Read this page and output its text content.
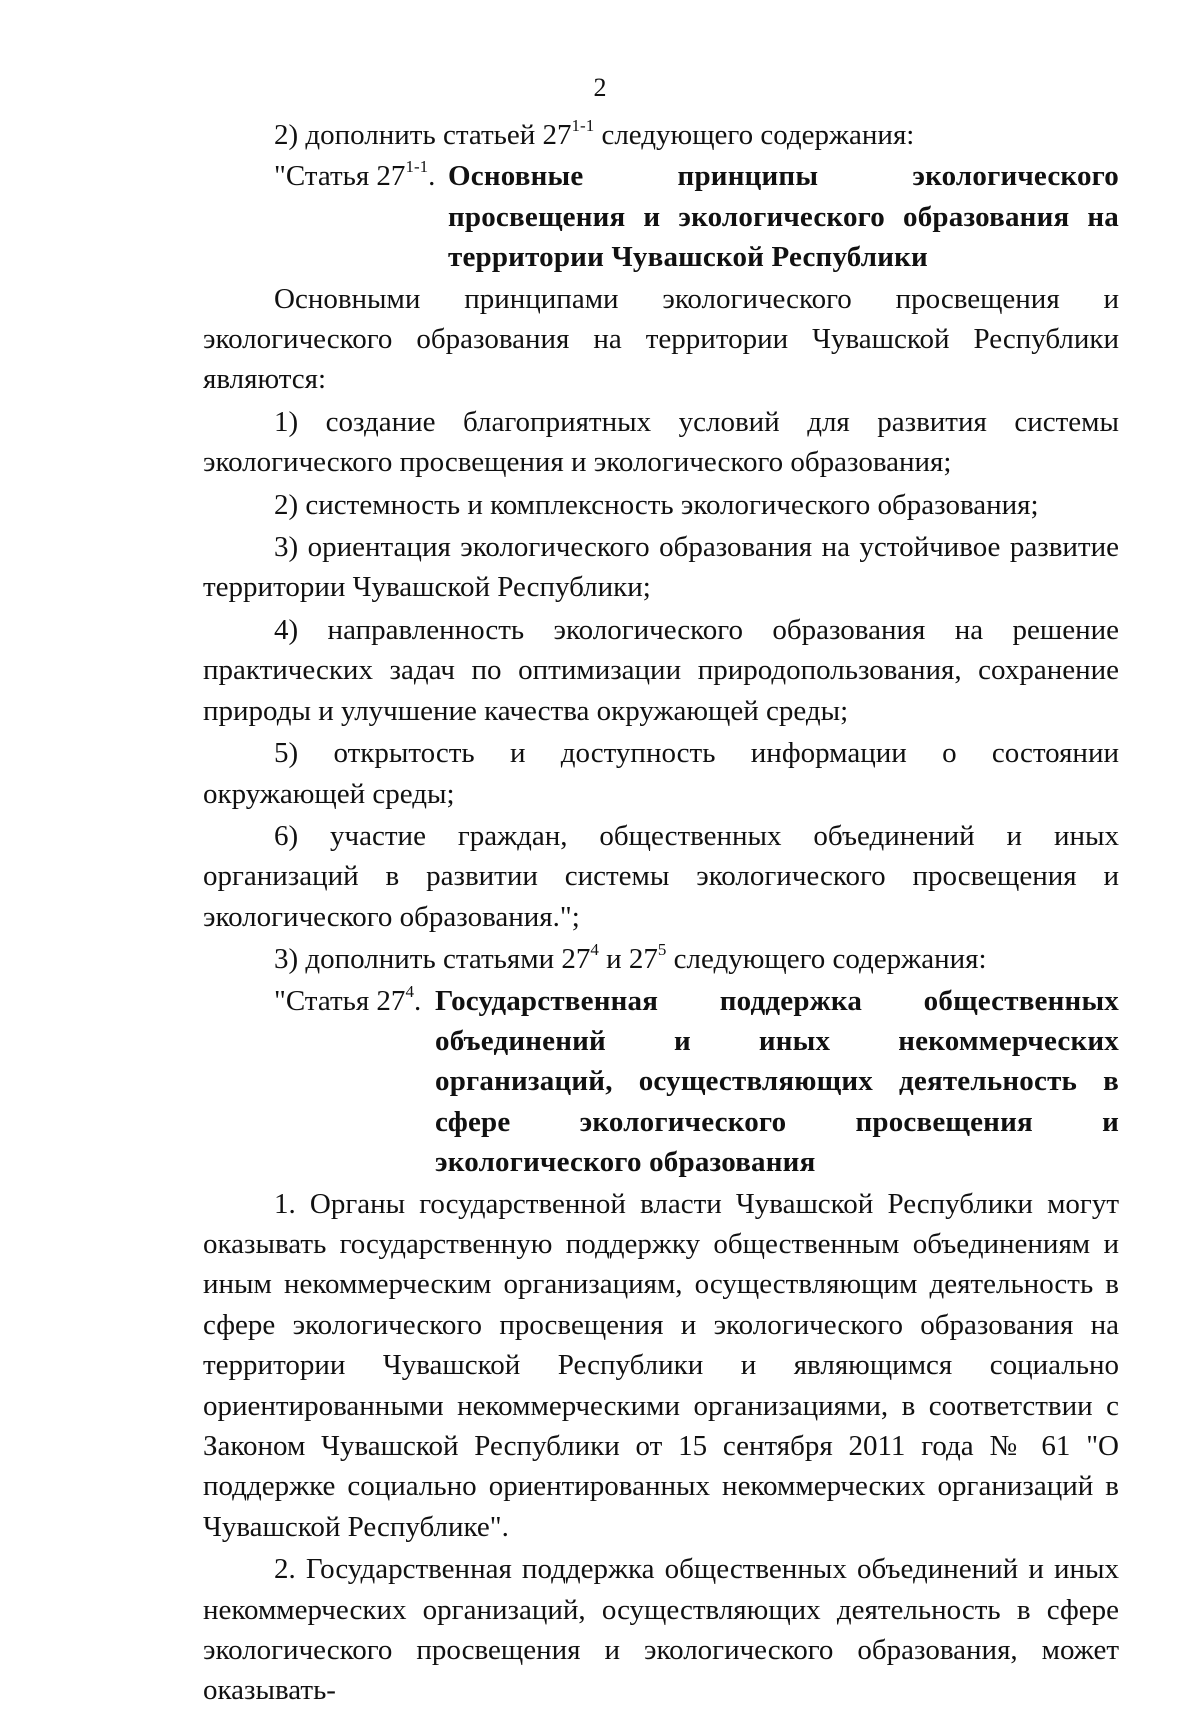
2

2) дополнить статьей 27$^{1-1}$ следующего содержания:

"Статья 27$^{1-1}$. Основные принципы экологического просвещения и экологического образования на территории Чувашской Республики

Основными принципами экологического просвещения и экологического образования на территории Чувашской Республики являются:

1) создание благоприятных условий для развития системы экологического просвещения и экологического образования;

2) системность и комплексность экологического образования;

3) ориентация экологического образования на устойчивое развитие территории Чувашской Республики;

4) направленность экологического образования на решение практических задач по оптимизации природопользования, сохранение природы и улучшение качества окружающей среды;

5) открытость и доступность информации о состоянии окружающей среды;

6) участие граждан, общественных объединений и иных организаций в развитии системы экологического просвещения и экологического образования.";

3) дополнить статьями $27^4$ и $27^5$ следующего содержания:

"Статья $27^4$. Государственная поддержка общественных объединений и иных некоммерческих организаций, осуществляющих деятельность в сфере экологического просвещения и экологического образования

1. Органы государственной власти Чувашской Республики могут оказывать государственную поддержку общественным объединениям и иным некоммерческим организациям, осуществляющим деятельность в сфере экологического просвещения и экологического образования на территории Чувашской Республики и являющимся социально ориентированными некоммерческими организациями, в соответствии с Законом Чувашской Республики от 15 сентября 2011 года № 61 "О поддержке социально ориентированных некоммерческих организаций в Чувашской Республике".

2. Государственная поддержка общественных объединений и иных некоммерческих организаций, осуществляющих деятельность в сфере экологического просвещения и экологического образования, может оказывать-
